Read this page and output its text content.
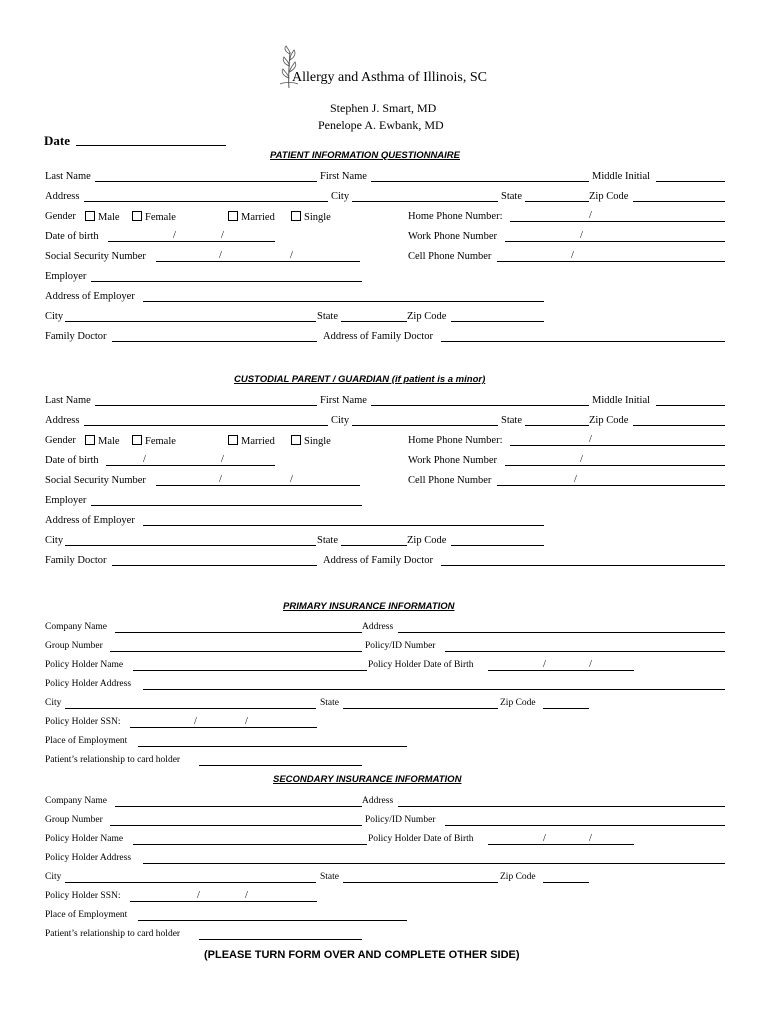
Allergy and Asthma of Illinois, SC
Stephen J. Smart, MD
Penelope A. Ewbank, MD
Date
PATIENT INFORMATION QUESTIONNAIRE
Last Name	First Name	Middle Initial
Address	City	State	Zip Code
Gender	Male	Female	Married	Single	Home Phone Number:	/
Date of birth	/	/	Work Phone Number	/
Social Security Number	/	/	Cell Phone Number	/
Employer
Address of Employer
City	State	Zip Code
Family Doctor	Address of Family Doctor
CUSTODIAL PARENT / GUARDIAN (if patient is a minor)
Last Name	First Name	Middle Initial
Address	City	State	Zip Code
Gender	Male	Female	Married	Single	Home Phone Number:	/
Date of birth	/	/	Work Phone Number	/
Social Security Number	/	/	Cell Phone Number	/
Employer
Address of Employer
City	State	Zip Code
Family Doctor	Address of Family Doctor
PRIMARY INSURANCE INFORMATION
Company Name	Address
Group Number	Policy/ID Number
Policy Holder Name	Policy Holder Date of Birth	/	/
Policy Holder Address
City	State	Zip Code
Policy Holder SSN:	/	/
Place of Employment
Patient’s relationship to card holder
SECONDARY INSURANCE INFORMATION
Company Name	Address
Group Number	Policy/ID Number
Policy Holder Name	Policy Holder Date of Birth	/	/
Policy Holder Address
City	State	Zip Code
Policy Holder SSN:	/	/
Place of Employment
Patient’s relationship to card holder
(PLEASE TURN FORM OVER AND COMPLETE OTHER SIDE)
